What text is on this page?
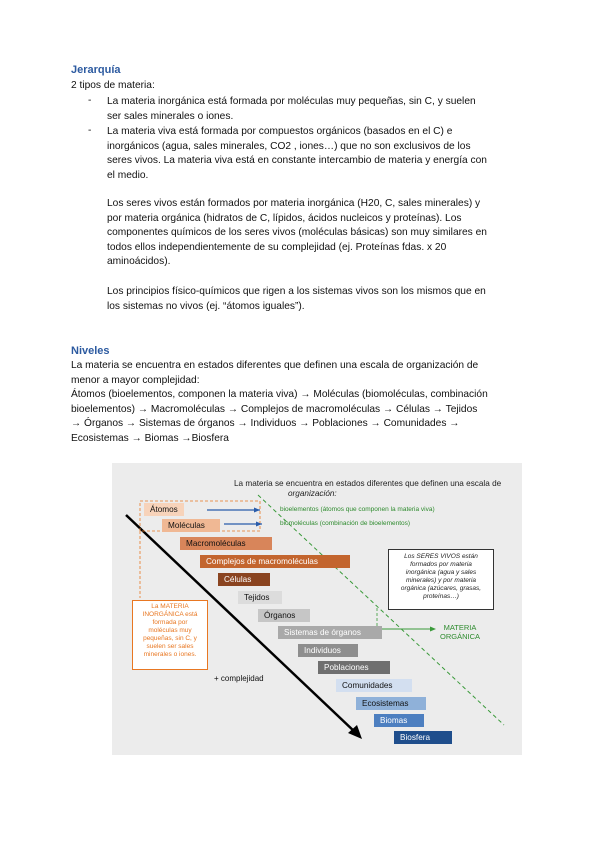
Jerarquía
2 tipos de materia:
- La materia inorgánica está formada por moléculas muy pequeñas, sin C, y suelen
ser sales minerales o iones.
- La materia viva está formada por compuestos orgánicos (basados en el C) e
inorgánicos (agua, sales minerales, CO2 , iones…) que no son exclusivos de los
seres vivos. La materia viva está en constante intercambio de materia y energía con
el medio.
Los seres vivos están formados por materia inorgánica (H20, C, sales minerales) y
por materia orgánica (hidratos de C, lípidos, ácidos nucleicos y proteínas). Los
componentes químicos de los seres vivos (moléculas básicas) son muy similares en
todos ellos independientemente de su complejidad (ej. Proteínas fdas. x 20
aminoácidos).
Los principios físico-químicos que rigen a los sistemas vivos son los mismos que en
los sistemas no vivos (ej. “átomos iguales”).
Niveles
La materia se encuentra en estados diferentes que definen una escala de organización de
menor a mayor complejidad:
Átomos (bioelementos, componen la materia viva) → Moléculas (biomoléculas, combinación
bioelementos) → Macromoléculas → Complejos de macromoléculas → Células → Tejidos
→ Órganos → Sistemas de órganos → Individuos → Poblaciones → Comunidades →
Ecosistemas → Biomas →Biosfera
La materia se encuentra en estados diferentes que definen una escala de
organización:
bioelementos (átomos que componen la materia viva)
biomoléculas (combinación de bioelementos)
Átomos
Moléculas
Macromoléculas
Complejos de macromoléculas
Células
Tejidos
Órganos
Sistemas de órganos
Individuos
Poblaciones
Comunidades
Ecosistemas
Biomas
Biosfera
La MATERIA
INORGÁNICA está
formada por
moléculas muy
pequeñas, sin C, y
suelen ser sales
minerales o iones.
Los SERES VIVOS están
formados por materia
inorgánica (agua y sales
minerales) y por materia
orgánica (azúcares, grasas,
proteínas…)
MATERIA
ORGÁNICA
+ complejidad
